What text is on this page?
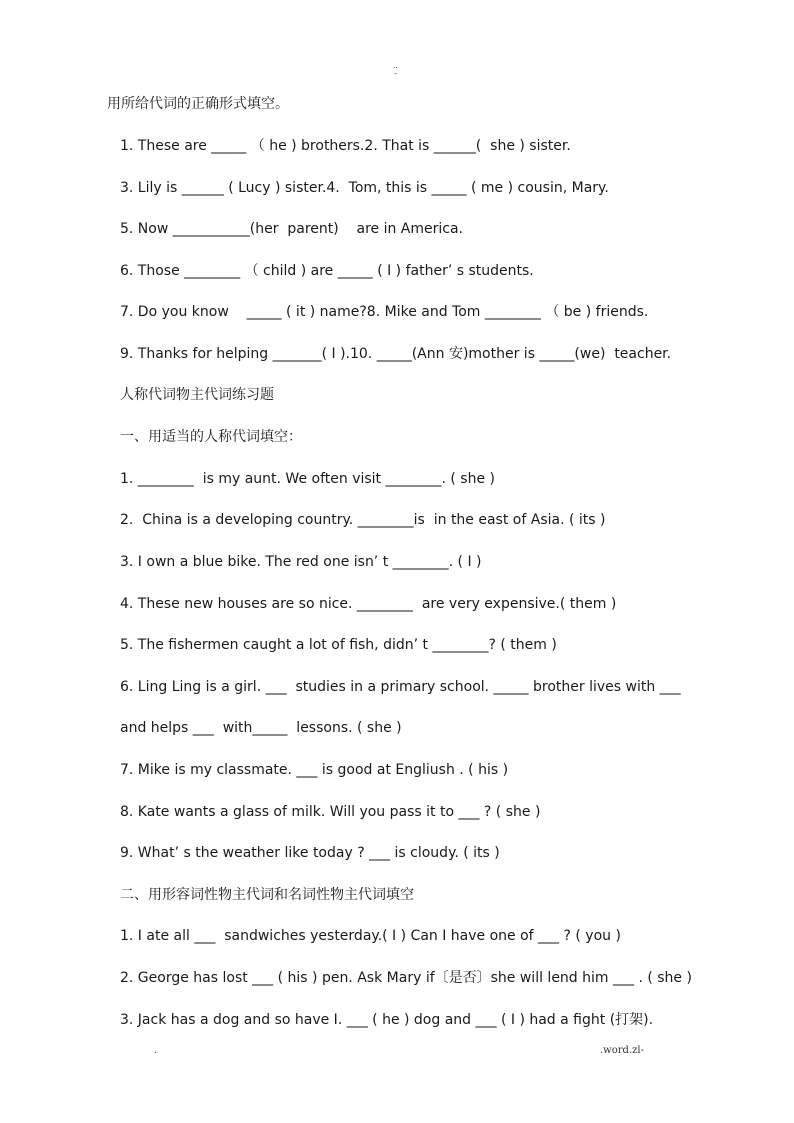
..
-
用所给代词的正确形式填空。
1. These are _____ （ he ) brothers.2. That is ______(  she ) sister.
3. Lily is ______ ( Lucy ) sister.4.  Tom, this is _____ ( me ) cousin, Mary.
5. Now ___________(her  parent)    are in America.
6. Those ________ （ child ) are _____ ( I ) father’ s students.
7. Do you know    _____ ( it ) name?8. Mike and Tom ________ （ be ) friends.
9. Thanks for helping _______( I ).10. _____(Ann 安)mother is _____(we)  teacher.
人称代词物主代词练习题
一、用适当的人称代词填空：
1. ________  is my aunt. We often visit ________. ( she )
2.  China is a developing country. ________is  in the east of Asia. ( its )
3. I own a blue bike. The red one isn’ t ________. ( I )
4. These new houses are so nice. ________  are very expensive.( them )
5. The fishermen caught a lot of fish, didn’ t ________? ( them )
6. Ling Ling is a girl. ___  studies in a primary school. _____ brother lives with ___
and helps ___  with_____  lessons. ( she )
7. Mike is my classmate. ___ is good at Engliush . ( his )
8. Kate wants a glass of milk. Will you pass it to ___ ? ( she )
9. What’ s the weather like today ? ___ is cloudy. ( its )
二、用形容词性物主代词和名词性物主代词填空
1. I ate all ___  sandwiches yesterday.( I ) Can I have one of ___ ? ( you )
2. George has lost ___ ( his ) pen. Ask Mary if〔是否〕she will lend him ___ . ( she )
3. Jack has a dog and so have I. ___ ( he ) dog and ___ ( I ) had a fight (打架).
.	.word.zl-
